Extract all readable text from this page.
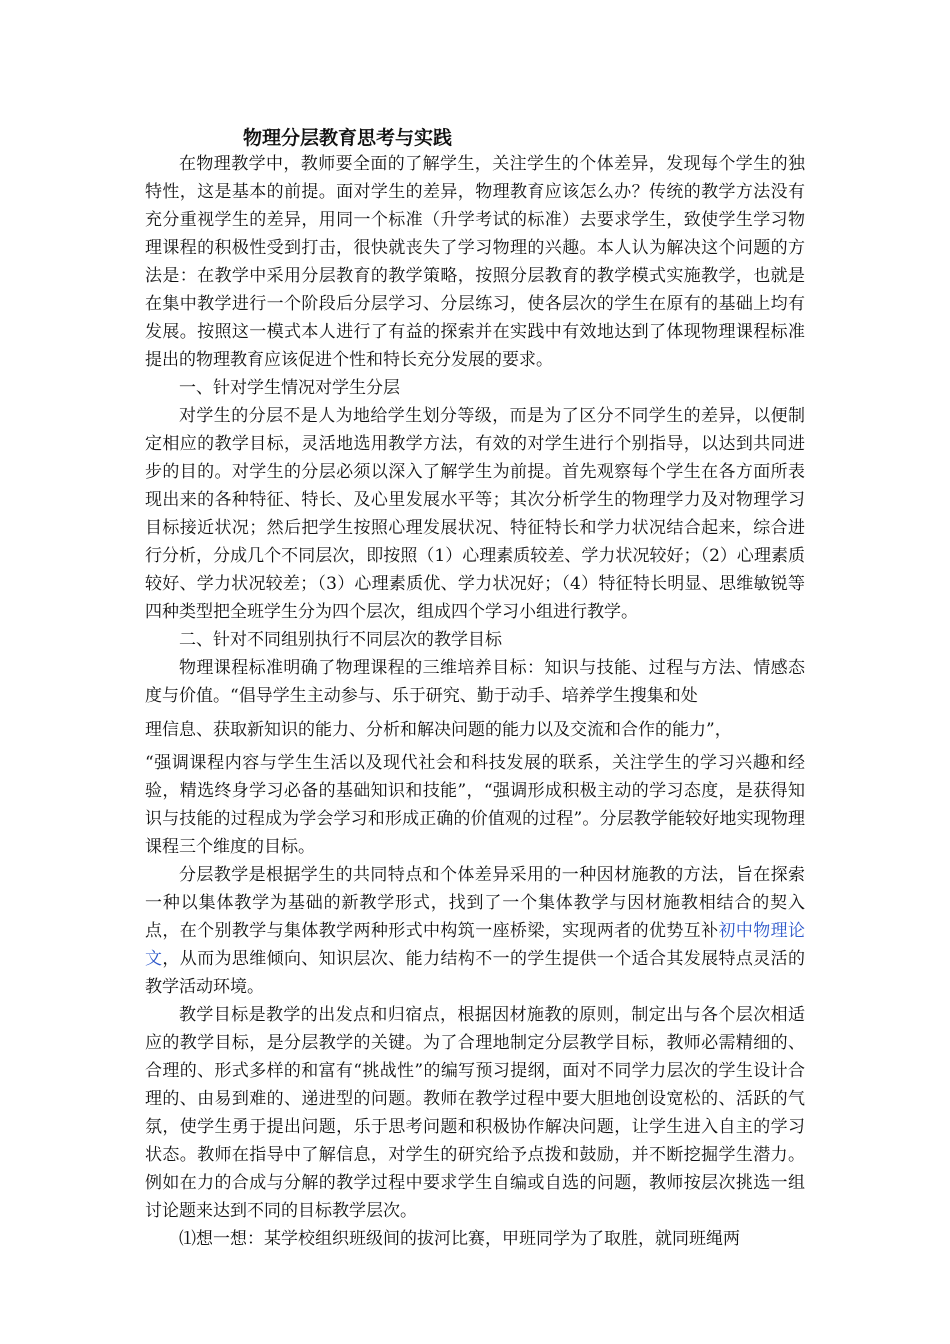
物理分层教育思考与实践

在物理教学中，教师要全面的了解学生，关注学生的个体差异，发现每个学生的独特性，这是基本的前提。面对学生的差异，物理教育应该怎么办？传统的教学方法没有充分重视学生的差异，用同一个标准（升学考试的标准）去要求学生，致使学生学习物理课程的积极性受到打击，很快就丧失了学习物理的兴趣。本人认为解决这个问题的方法是：在教学中采用分层教育的教学策略，按照分层教育的教学模式实施教学，也就是在集中教学进行一个阶段后分层学习、分层练习，使各层次的学生在原有的基础上均有发展。按照这一模式本人进行了有益的探索并在实践中有效地达到了体现物理课程标准提出的物理教育应该促进个性和特长充分发展的要求。

一、针对学生情况对学生分层

对学生的分层不是人为地给学生划分等级，而是为了区分不同学生的差异，以便制定相应的教学目标，灵活地选用教学方法，有效的对学生进行个别指导，以达到共同进步的目的。对学生的分层必须以深入了解学生为前提。首先观察每个学生在各方面所表现出来的各种特征、特长、及心里发展水平等；其次分析学生的物理学力及对物理学习目标接近状况；然后把学生按照心理发展状况、特征特长和学力状况结合起来，综合进行分析，分成几个不同层次，即按照（1）心理素质较差、学力状况较好；（2）心理素质较好、学力状况较差；（3）心理素质优、学力状况好；（4）特征特长明显、思维敏锐等四种类型把全班学生分为四个层次，组成四个学习小组进行教学。

二、针对不同组别执行不同层次的教学目标

物理课程标准明确了物理课程的三维培养目标：知识与技能、过程与方法、情感态度与价值。“倡导学生主动参与、乐于研究、勤于动手、培养学生搜集和处

理信息、获取新知识的能力、分析和解决问题的能力以及交流和合作的能力”，

“强调课程内容与学生生活以及现代社会和科技发展的联系，关注学生的学习兴趣和经验，精选终身学习必备的基础知识和技能”，“强调形成积极主动的学习态度，是获得知识与技能的过程成为学会学习和形成正确的价值观的过程”。分层教学能较好地实现物理课程三个维度的目标。

分层教学是根据学生的共同特点和个体差异采用的一种因材施教的方法，旨在探索一种以集体教学为基础的新教学形式，找到了一个集体教学与因材施教相结合的契入点，在个别教学与集体教学两种形式中构筑一座桥梁，实现两者的优势互补初中物理论文，从而为思维倾向、知识层次、能力结构不一的学生提供一个适合其发展特点灵活的教学活动环境。

教学目标是教学的出发点和归宿点，根据因材施教的原则，制定出与各个层次相适应的教学目标，是分层教学的关键。为了合理地制定分层教学目标，教师必需精细的、合理的、形式多样的和富有“挑战性”的编写预习提纲，面对不同学力层次的学生设计合理的、由易到难的、递进型的问题。教师在教学过程中要大胆地创设宽松的、活跃的气氛，使学生勇于提出问题，乐于思考问题和积极协作解决问题，让学生进入自主的学习状态。教师在指导中了解信息，对学生的研究给予点拨和鼓励，并不断挖掘学生潜力。例如在力的合成与分解的教学过程中要求学生自编或自选的问题，教师按层次挑选一组讨论题来达到不同的目标教学层次。

⑴想一想：某学校组织班级间的拔河比赛，甲班同学为了取胜，就同班绳两
